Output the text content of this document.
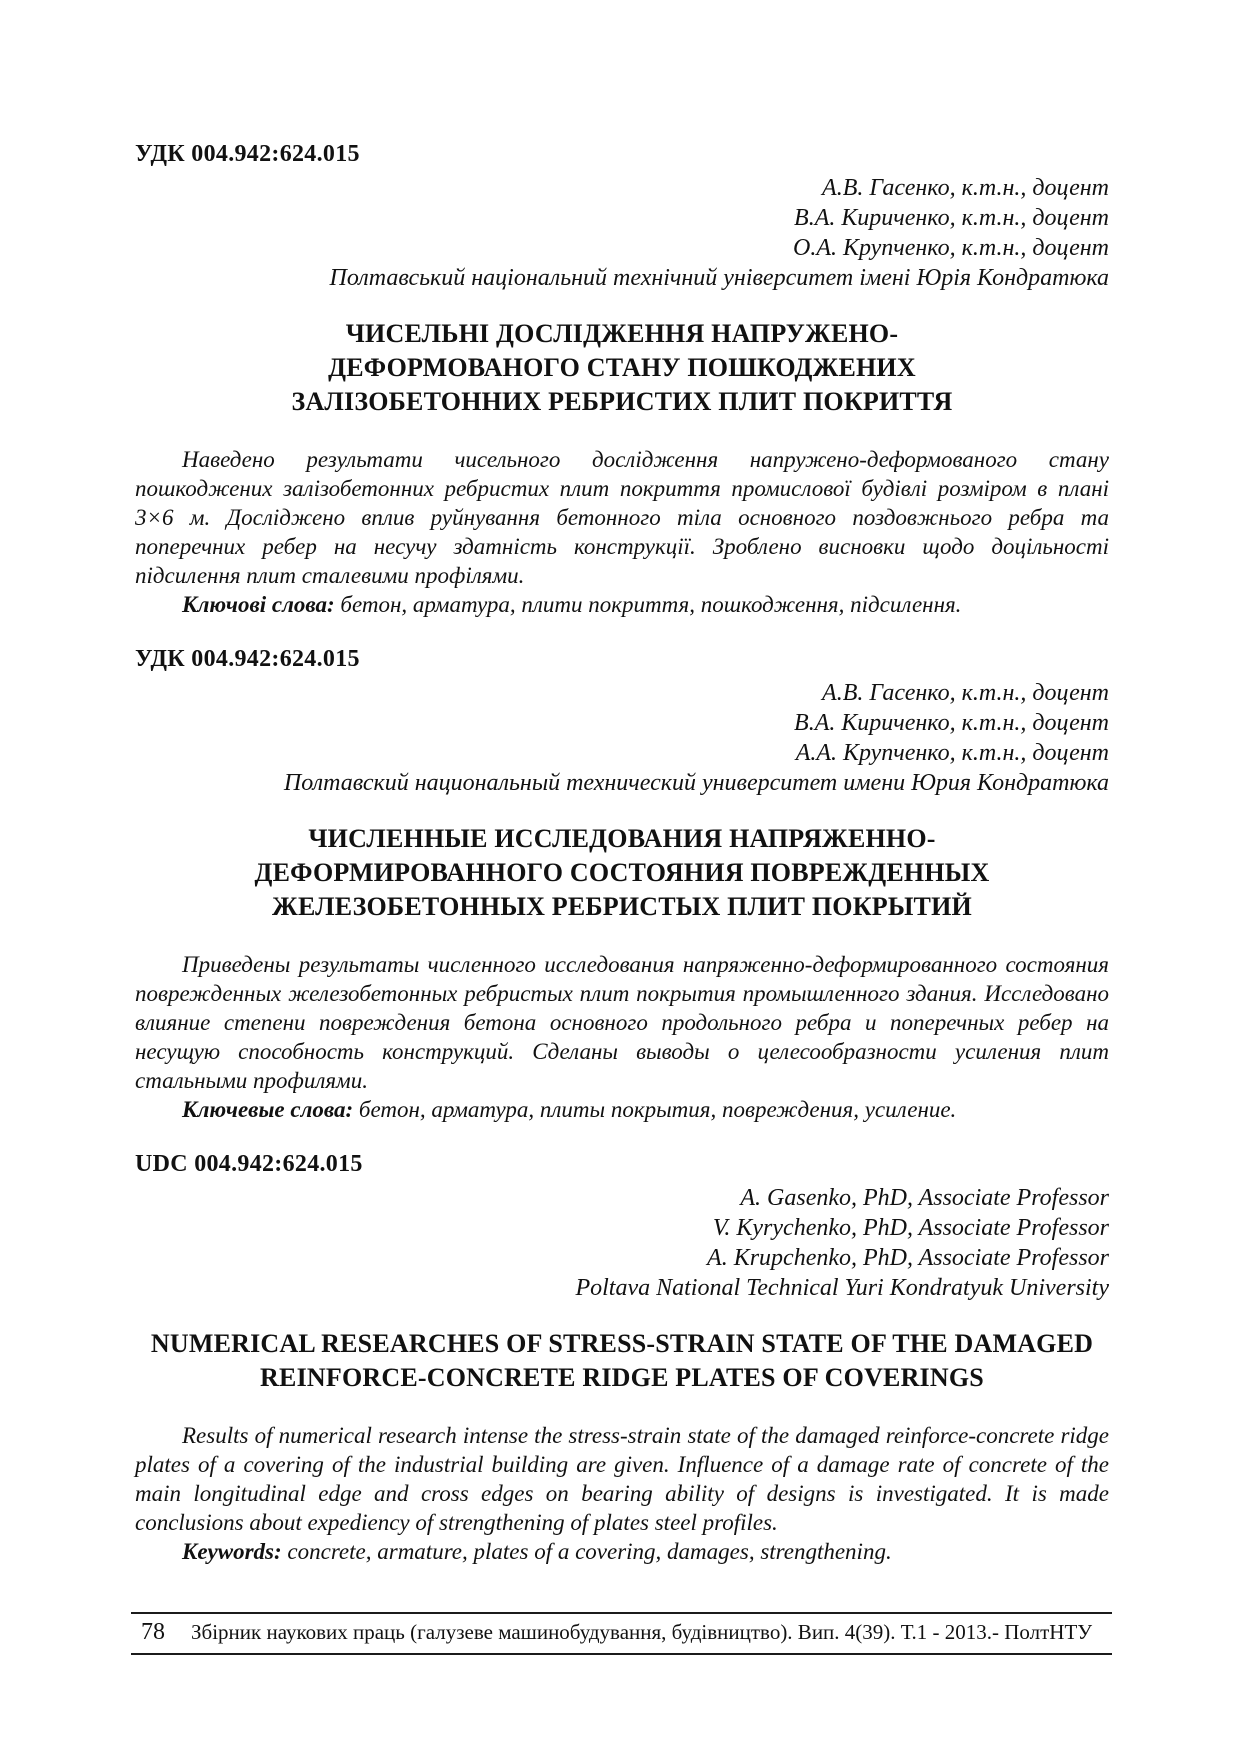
УДК 004.942:624.015
А.В. Гасенко, к.т.н., доцент
В.А. Кириченко, к.т.н., доцент
О.А. Крупченко, к.т.н., доцент
Полтавський національний технічний університет імені Юрія Кондратюка
ЧИСЕЛЬНІ ДОСЛІДЖЕННЯ НАПРУЖЕНО-
ДЕФОРМОВАНОГО СТАНУ ПОШКОДЖЕНИХ
ЗАЛІЗОБЕТОННИХ РЕБРИСТИХ ПЛИТ ПОКРИТТЯ

Наведено результати чисельного дослідження напружено-деформованого стану пошкоджених залізобетонних ребристих плит покриття промислової будівлі розміром в плані 3×6 м. Досліджено вплив руйнування бетонного тіла основного поздовжнього ребра та поперечних ребер на несучу здатність конструкції. Зроблено висновки щодо доцільності підсилення плит сталевими профілями.

Ключові слова: бетон, арматура, плити покриття, пошкодження, підсилення.

УДК 004.942:624.015
А.В. Гасенко, к.т.н., доцент
В.А. Кириченко, к.т.н., доцент
А.А. Крупченко, к.т.н., доцент
Полтавский национальный технический университет имени Юрия Кондратюка
ЧИСЛЕННЫЕ ИССЛЕДОВАНИЯ НАПРЯЖЕННО-
ДЕФОРМИРОВАННОГО СОСТОЯНИЯ ПОВРЕЖДЕННЫХ
ЖЕЛЕЗОБЕТОННЫХ РЕБРИСТЫХ ПЛИТ ПОКРЫТИЙ

Приведены результаты численного исследования напряженно-деформированного состояния поврежденных железобетонных ребристых плит покрытия промышленного здания. Исследовано влияние степени повреждения бетона основного продольного ребра и поперечных ребер на несущую способность конструкций. Сделаны выводы о целесообразности усиления плит стальными профилями.

Ключевые слова: бетон, арматура, плиты покрытия, повреждения, усиление.

UDC 004.942:624.015
A. Gasenko, PhD, Associate Professor
V. Kyrychenko, PhD, Associate Professor
A. Krupchenko, PhD, Associate Professor
Poltava National Technical Yuri Kondratyuk University
NUMERICAL RESEARCHES OF STRESS-STRAIN STATE OF THE DAMAGED
REINFORCE-CONCRETE RIDGE PLATES OF COVERINGS

Results of numerical research intense the stress-strain state of the damaged reinforce-concrete ridge plates of a covering of the industrial building are given. Influence of a damage rate of concrete of the main longitudinal edge and cross edges on bearing ability of designs is investigated. It is made conclusions about expediency of strengthening of plates steel profiles.

Keywords: concrete, armature, plates of a covering, damages, strengthening.

78 Збірник наукових праць (галузеве машинобудування, будівництво). Вип. 4(39). Т.1 - 2013.- ПолтНТУ
